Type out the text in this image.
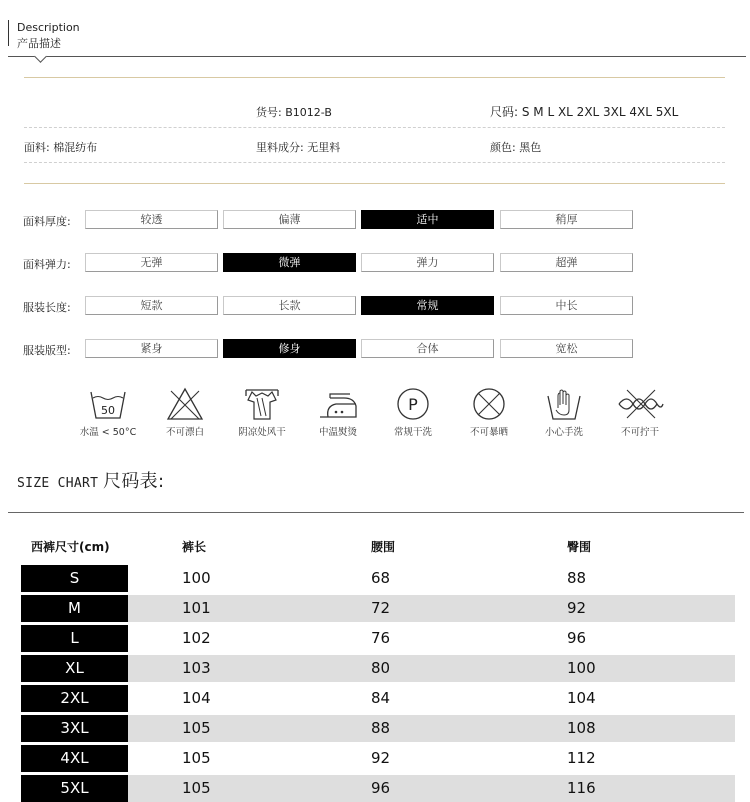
Description
产品描述
货号: B1012-B	尺码: S M L XL 2XL 3XL 4XL 5XL
面料: 棉混纺布	里料成分: 无里料	颜色: 黑色
面料厚度:	较透	偏薄	适中	稍厚
面料弹力:	无弹	微弹	弹力	超弹
服装长度:	短款	长款	常规	中长
服装版型:	紧身	修身	合体	宽松
50
水温 < 50°C	不可漂白	阴凉处风干	中温熨烫
P
常规干洗	不可暴晒	小心手洗	不可拧干
SIZE CHART 尺码表:
西裤尺寸(cm)	裤长	腰围	臀围
S	100	68	88
M	101	72	92
L	102	76	96
XL	103	80	100
2XL	104	84	104
3XL	105	88	108
4XL	105	92	112
5XL	105	96	116
